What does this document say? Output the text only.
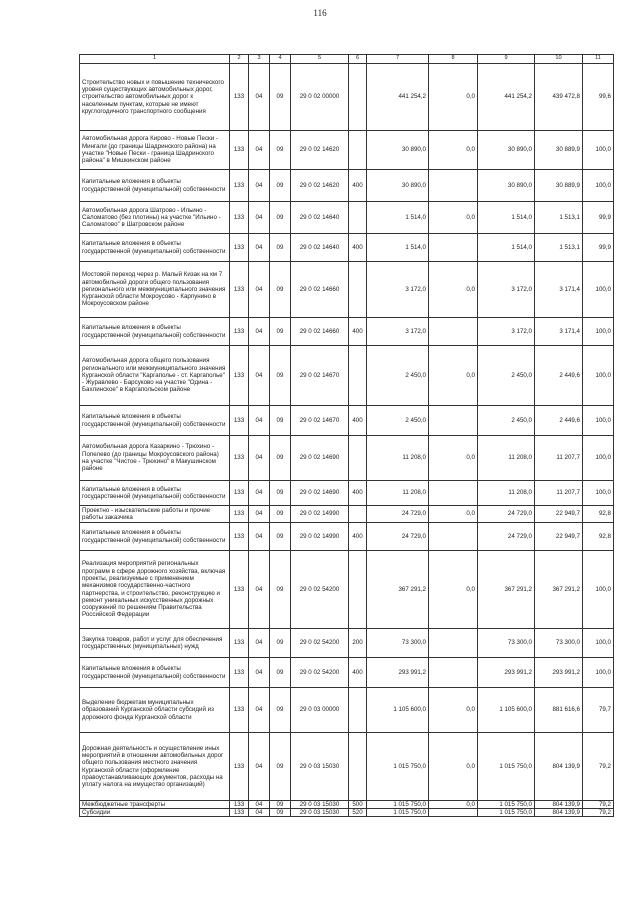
116
1	2	3	4	5	6	7	8	9	10	11
Строительство новых и повышение технического уровня существующих автомобильных дорог, строительство автомобильных дорог к населенным пунктам, которые не имеют круглогодичного транспортного сообщения	133	04	09	29 0 02 00000		441 254,2	0,0	441 254,2	439 472,8	99,6
Автомобильная дорога Кирово - Новые Пески - Мингали (до границы Шадринского района) на участке "Новые Пески - граница Шадринского района" в Мишкинском районе	133	04	09	29 0 02 14620		30 890,0	0,0	30 890,0	30 889,9	100,0
Капитальные вложения в объекты государственной (муниципальной) собственности	133	04	09	29 0 02 14620	400	30 890,0		30 890,0	30 889,9	100,0
Автомобильная дорога Шатрово - Ильино - Саломатово (без плотины) на участке "Ильино - Саломатово" в Шатровском районе	133	04	09	29 0 02 14640		1 514,0	0,0	1 514,0	1 513,1	99,9
Капитальные вложения в объекты государственной (муниципальной) собственности	133	04	09	29 0 02 14640	400	1 514,0		1 514,0	1 513,1	99,9
Мостовой переход через р. Малый Кизак на км 7 автомобильной дороги общего пользования регионального или межмуниципального значения Курганской области Мокроусово - Карпунино в Мокроусовском районе	133	04	09	29 0 02 14660		3 172,0	0,0	3 172,0	3 171,4	100,0
Капитальные вложения в объекты государственной (муниципальной) собственности	133	04	09	29 0 02 14660	400	3 172,0		3 172,0	3 171,4	100,0
Автомобильная дорога общего пользования регионального или межмуниципального значения Курганской области "Каргаполье - ст. Каргаполье" - Журавлево - Барсуково на участке "Одина - Бахлинское" в Каргапольском районе	133	04	09	29 0 02 14670		2 450,0	0,0	2 450,0	2 449,6	100,0
Капитальные вложения в объекты государственной (муниципальной) собственности	133	04	09	29 0 02 14670	400	2 450,0		2 450,0	2 449,6	100,0
Автомобильная дорога Казаркино - Трюхино - Попелево (до границы Мокроусовского района) на участке "Чистое - Трюхино" в Макушинском районе	133	04	09	29 0 02 14690		11 208,0	0,0	11 208,0	11 207,7	100,0
Капитальные вложения в объекты государственной (муниципальной) собственности	133	04	09	29 0 02 14690	400	11 208,0		11 208,0	11 207,7	100,0
Проектно - изыскательские работы и прочие работы заказчика	133	04	09	29 0 02 14990		24 729,0	0,0	24 729,0	22 949,7	92,8
Капитальные вложения в объекты государственной (муниципальной) собственности	133	04	09	29 0 02 14990	400	24 729,0		24 729,0	22 949,7	92,8
Реализация мероприятий региональных программ в сфере дорожного хозяйства, включая проекты, реализуемые с применением механизмов государственно-частного партнерства, и строительство, реконструкцию и ремонт уникальных искусственных дорожных сооружений по решениям Правительства Российской Федерации	133	04	09	29 0 02 54200		367 291,2	0,0	367 291,2	367 291,2	100,0
Закупка товаров, работ и услуг для обеспечения государственных (муниципальных) нужд	133	04	09	29 0 02 54200	200	73 300,0		73 300,0	73 300,0	100,0
Капитальные вложения в объекты государственной (муниципальной) собственности	133	04	09	29 0 02 54200	400	293 991,2		293 991,2	293 991,2	100,0
Выделение бюджетам муниципальных образований Курганской области субсидий из дорожного фонда Курганской области	133	04	09	29 0 03 00000		1 105 600,0	0,0	1 105 600,0	881 616,6	79,7
Дорожная деятельность и осуществление иных мероприятий в отношении автомобильных дорог общего пользования местного значения Курганской области (оформление правоустанавливающих документов, расходы на уплату налога на имущество организаций)	133	04	09	29 0 03 15030		1 015 750,0	0,0	1 015 750,0	804 139,9	79,2
Межбюджетные трансферты	133	04	09	29 0 03 15030	500	1 015 750,0	0,0	1 015 750,0	804 139,9	79,2
Субсидии	133	04	09	29 0 03 15030	520	1 015 750,0		1 015 750,0	804 139,9	79,2
